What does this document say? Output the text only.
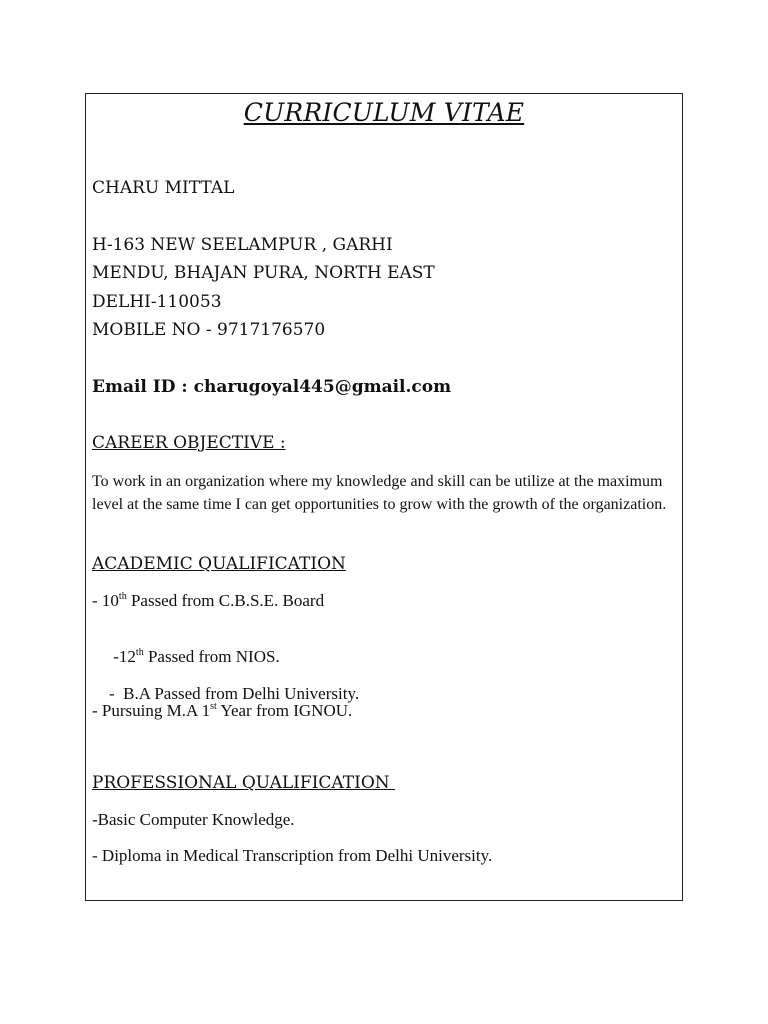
CURRICULUM VITAE
CHARU MITTAL
H-163 NEW SEELAMPUR , GARHI
MENDU, BHAJAN PURA, NORTH EAST
DELHI-110053
MOBILE NO - 9717176570
Email ID : charugoyal445@gmail.com
CAREER OBJECTIVE :
To work in an organization where my knowledge and skill can be utilize at the maximum level at the same time I can get opportunities to grow with the growth of the organization.
ACADEMIC QUALIFICATION
- 10th Passed from C.B.S.E. Board

-12th Passed from NIOS.

-  B.A Passed from Delhi University.

- Pursuing M.A 1st Year from IGNOU.
PROFESSIONAL QUALIFICATION
-Basic Computer Knowledge.
- Diploma in Medical Transcription from Delhi University.
